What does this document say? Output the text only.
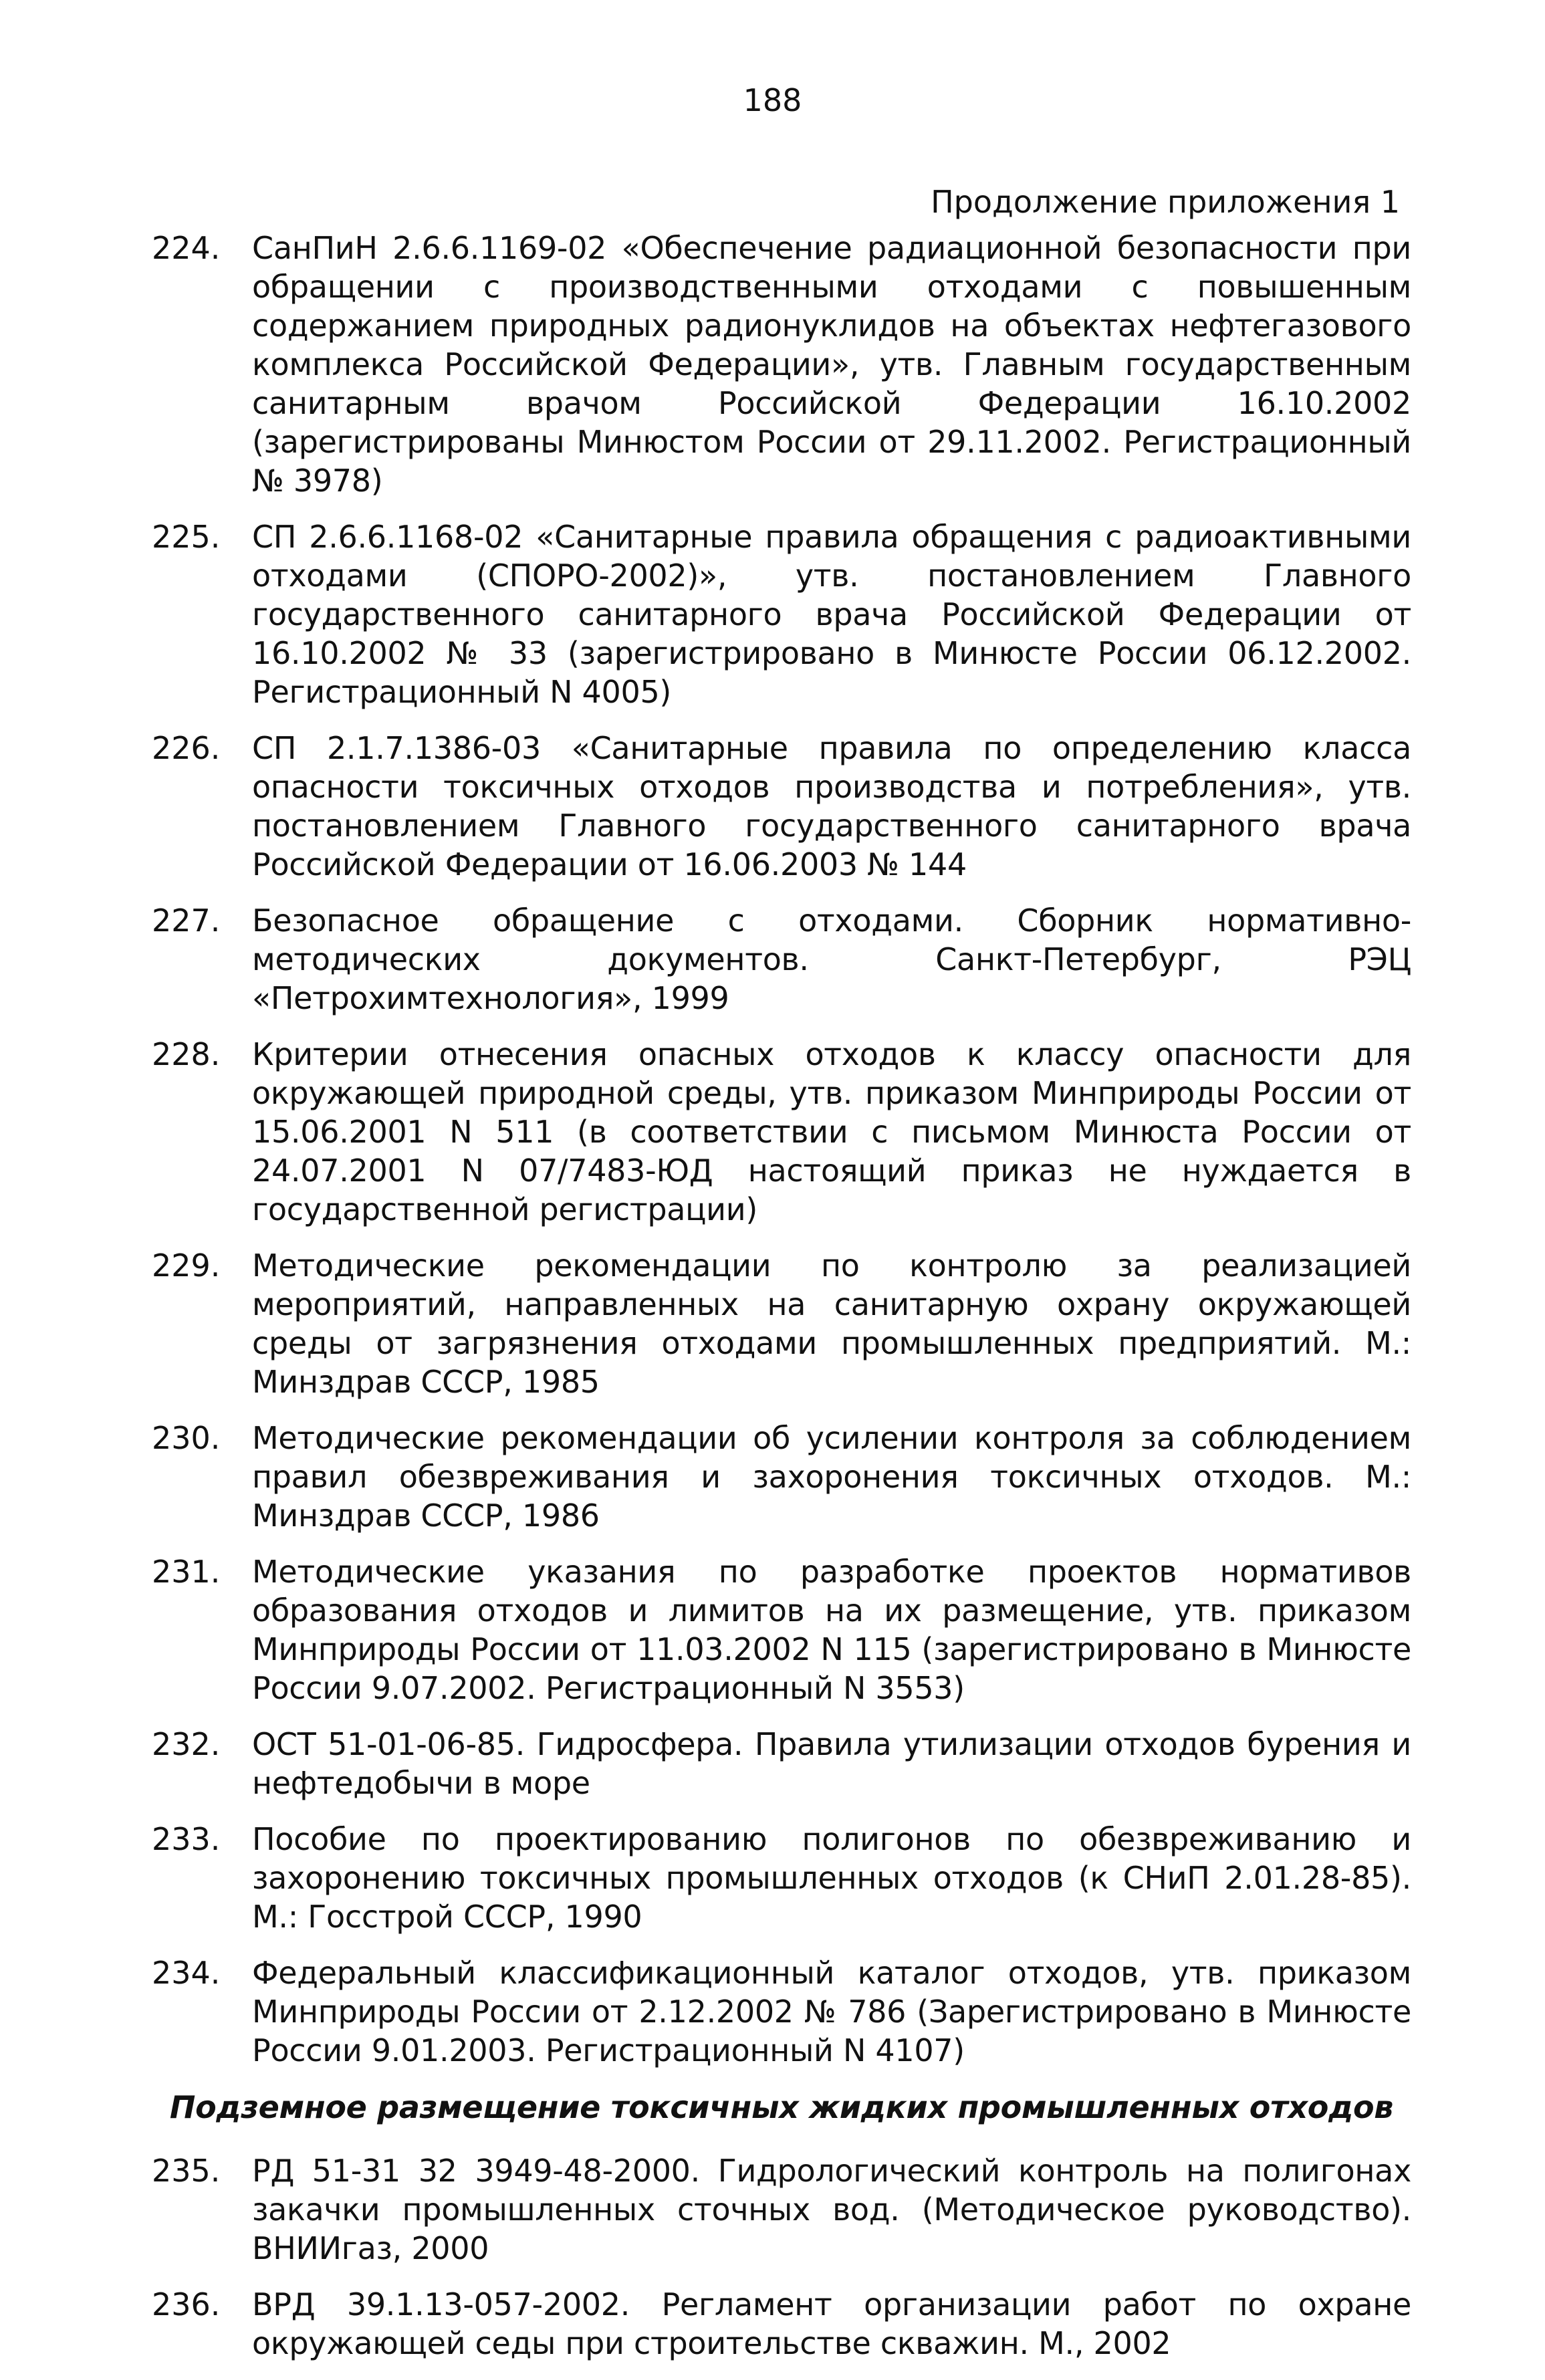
188
Продолжение приложения 1
224.	СанПиН 2.6.6.1169-02 «Обеспечение радиационной безопасности при обращении с производственными отходами с повышенным содержанием природных радионуклидов на объектах нефтегазового комплекса Российской Федерации», утв. Главным государственным санитарным врачом Российской Федерации 16.10.2002 (зарегистрированы Минюстом России от 29.11.2002. Регистрационный № 3978)
225.	СП 2.6.6.1168-02 «Санитарные правила обращения с радиоактивными отходами (СПОРО-2002)», утв. постановлением Главного государственного санитарного врача Российской Федерации от 16.10.2002 № 33 (зарегистрировано в Минюсте России 06.12.2002. Регистрационный N 4005)
226.	СП 2.1.7.1386-03 «Санитарные правила по определению класса опасности токсичных отходов производства и потребления», утв. постановлением Главного государственного санитарного врача Российской Федерации от 16.06.2003 № 144
227.	Безопасное обращение с отходами. Сборник нормативно-методических документов. Санкт-Петербург, РЭЦ «Петрохимтехнология», 1999
228.	Критерии отнесения опасных отходов к классу опасности для окружающей природной среды, утв. приказом Минприроды России от 15.06.2001 N 511 (в соответствии с письмом Минюста России от 24.07.2001 N 07/7483-ЮД настоящий приказ не нуждается в государственной регистрации)
229.	Методические рекомендации по контролю за реализацией мероприятий, направленных на санитарную охрану окружающей среды от загрязнения отходами промышленных предприятий. М.: Минздрав СССР, 1985
230.	Методические рекомендации об усилении контроля за соблюдением правил обезвреживания и захоронения токсичных отходов. М.: Минздрав СССР, 1986
231.	Методические указания по разработке проектов нормативов образования отходов и лимитов на их размещение, утв. приказом Минприроды России от 11.03.2002 N 115 (зарегистрировано в Минюсте России 9.07.2002. Регистрационный N 3553)
232.	ОСТ 51-01-06-85. Гидросфера. Правила утилизации отходов бурения и нефтедобычи в море
233.	Пособие по проектированию полигонов по обезвреживанию и захоронению токсичных промышленных отходов (к СНиП 2.01.28-85). М.: Госстрой СССР, 1990
234.	Федеральный классификационный каталог отходов, утв. приказом Минприроды России от 2.12.2002 № 786 (Зарегистрировано в Минюсте России 9.01.2003. Регистрационный N 4107)
Подземное размещение токсичных жидких промышленных отходов
235.	РД 51-31 32 3949-48-2000. Гидрологический контроль на полигонах закачки промышленных сточных вод. (Методическое руководство). ВНИИгаз, 2000
236.	ВРД 39.1.13-057-2002. Регламент организации работ по охране окружающей седы при строительстве скважин. М., 2002
